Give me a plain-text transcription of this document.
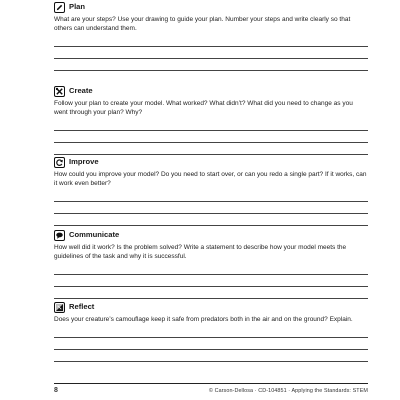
Plan
What are your steps? Use your drawing to guide your plan. Number your steps and write clearly so that others can understand them.
Create
Follow your plan to create your model. What worked? What didn’t? What did you need to change as you went through your plan? Why?
Improve
How could you improve your model? Do you need to start over, or can you redo a single part? If it works, can it work even better?
Communicate
How well did it work? Is the problem solved? Write a statement to describe how your model meets the guidelines of the task and why it is successful.
Reflect
Does your creature’s camouflage keep it safe from predators both in the air and on the ground? Explain.
8	© Carson-Dellosa · CD-104851 · Applying the Standards: STEM
